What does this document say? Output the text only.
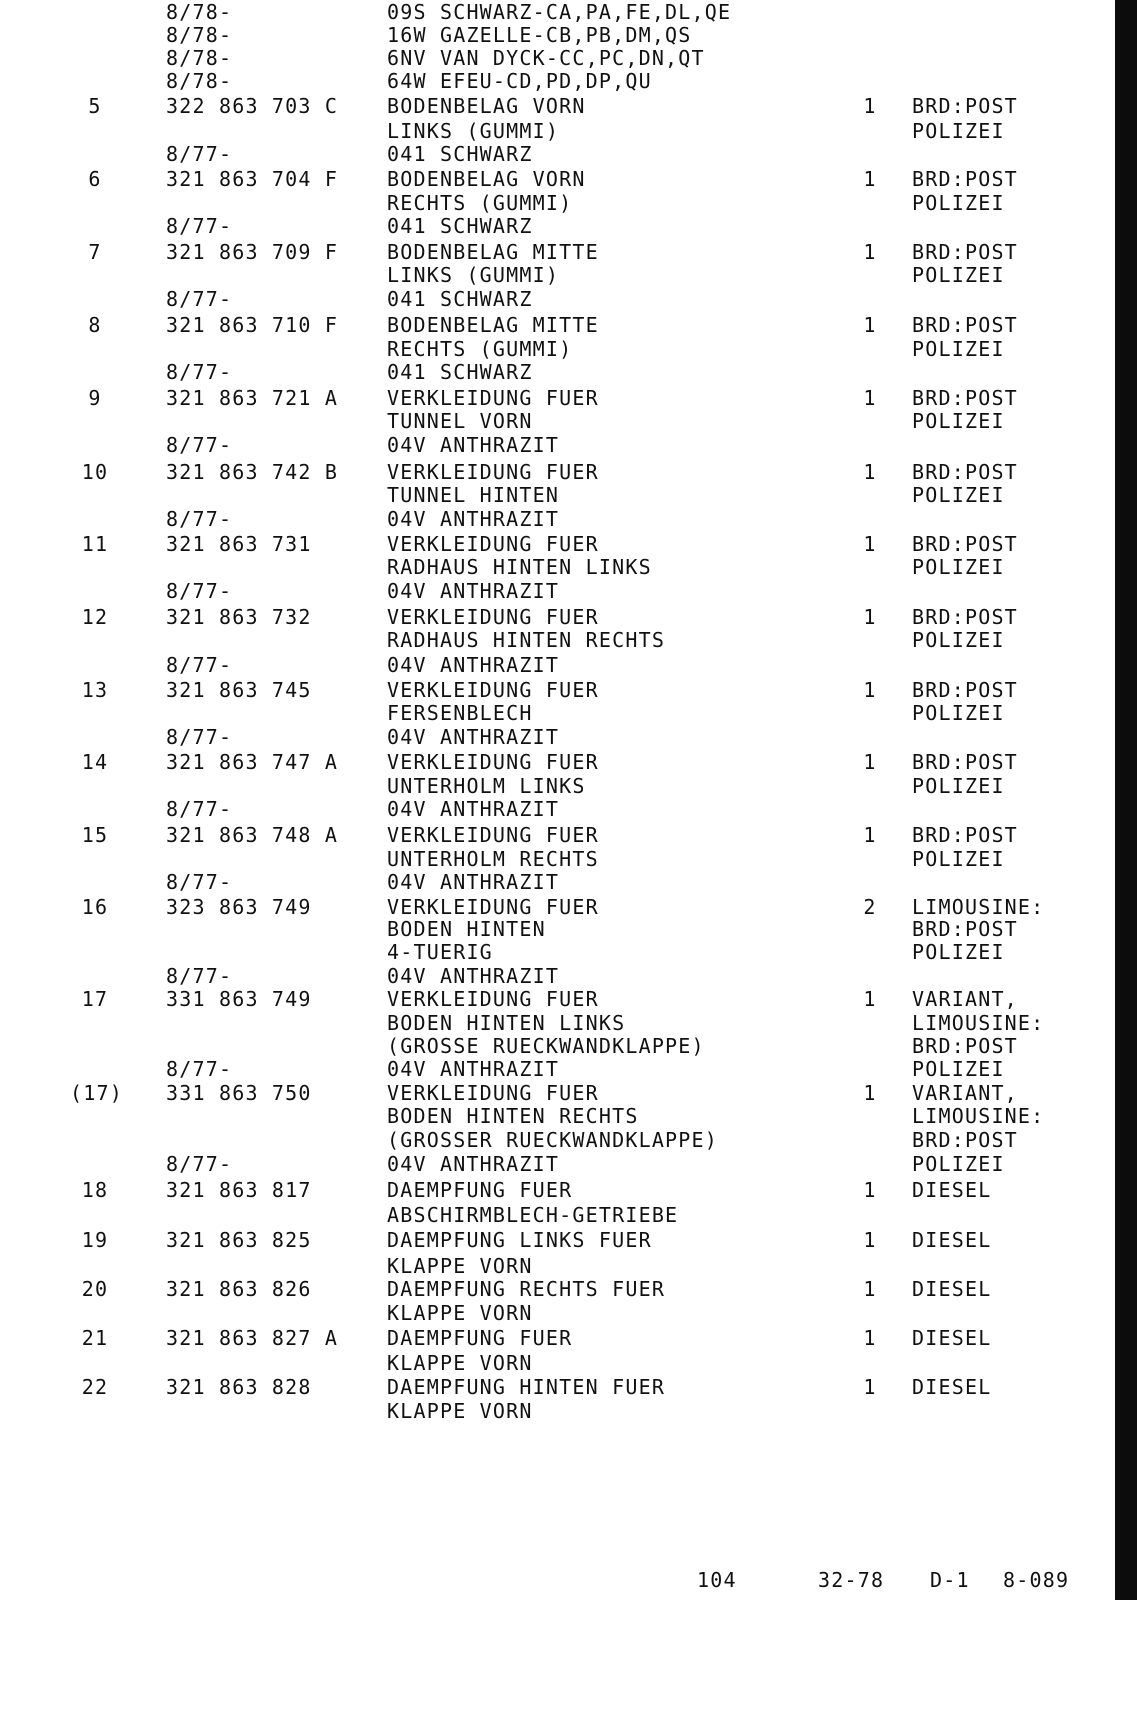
8/78-	09S SCHWARZ-CA,PA,FE,DL,QE
8/78-	16W GAZELLE-CB,PB,DM,QS
8/78-	6NV VAN DYCK-CC,PC,DN,QT
8/78-	64W EFEU-CD,PD,DP,QU
5	322 863 703 C BODENBELAG VORN	1 BRD:POST
LINKS (GUMMI)	POLIZEI
8/77-	041 SCHWARZ
6	321 863 704 F BODENBELAG VORN	1 BRD:POST
RECHTS (GUMMI)	POLIZEI
8/77-	041 SCHWARZ
7	321 863 709 F BODENBELAG MITTE	1 BRD:POST
LINKS (GUMMI)	POLIZEI
8/77-	041 SCHWARZ
8	321 863 710 F BODENBELAG MITTE	1 BRD:POST
RECHTS (GUMMI)	POLIZEI
8/77-	041 SCHWARZ
9	321 863 721 A VERKLEIDUNG FUER	1 BRD:POST
TUNNEL VORN	POLIZEI
8/77-	04V ANTHRAZIT
10	321 863 742 B VERKLEIDUNG FUER	1 BRD:POST
TUNNEL HINTEN	POLIZEI
8/77-	04V ANTHRAZIT
11	321 863 731	VERKLEIDUNG FUER	1 BRD:POST
RADHAUS HINTEN LINKS	POLIZEI
8/77-	04V ANTHRAZIT
12	321 863 732	VERKLEIDUNG FUER	1 BRD:POST
RADHAUS HINTEN RECHTS	POLIZEI
8/77-	04V ANTHRAZIT
13	321 863 745	VERKLEIDUNG FUER	1 BRD:POST
FERSENBLECH	POLIZEI
8/77-	04V ANTHRAZIT
14	321 863 747 A VERKLEIDUNG FUER	1 BRD:POST
UNTERHOLM LINKS	POLIZEI
8/77-	04V ANTHRAZIT
15	321 863 748 A VERKLEIDUNG FUER	1 BRD:POST
UNTERHOLM RECHTS	POLIZEI
8/77-	04V ANTHRAZIT
16	323 863 749	VERKLEIDUNG FUER	2 LIMOUSINE:
BODEN HINTEN	BRD:POST
4-TUERIG	POLIZEI
8/77-	04V ANTHRAZIT
17	331 863 749	VERKLEIDUNG FUER	1 VARIANT,
BODEN HINTEN LINKS	LIMOUSINE:
(GROSSE RUECKWANDKLAPPE)	BRD:POST
8/77-	04V ANTHRAZIT	POLIZEI
(17) 331 863 750	VERKLEIDUNG FUER	1 VARIANT,
BODEN HINTEN RECHTS	LIMOUSINE:
(GROSSER RUECKWANDKLAPPE)	BRD:POST
8/77-	04V ANTHRAZIT	POLIZEI
18	321 863 817	DAEMPFUNG FUER	1 DIESEL
ABSCHIRMBLECH-GETRIEBE
19	321 863 825	DAEMPFUNG LINKS FUER	1 DIESEL
KLAPPE VORN
20	321 863 826	DAEMPFUNG RECHTS FUER	1 DIESEL
KLAPPE VORN
21	321 863 827 A DAEMPFUNG FUER	1 DIESEL
KLAPPE VORN
22	321 863 828	DAEMPFUNG HINTEN FUER	1 DIESEL
KLAPPE VORN

104

	32-78

D-1

8-089
